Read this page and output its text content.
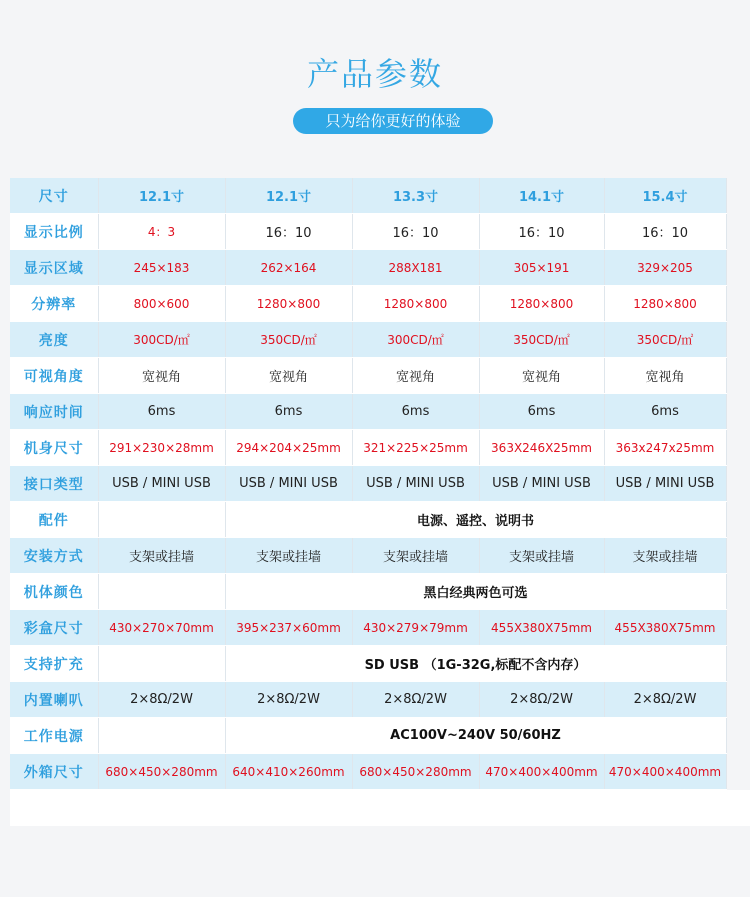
产品参数
只为给你更好的体验
尺寸	12.1寸	12.1寸	13.3寸	14.1寸	15.4寸
显示比例	4：3	16：10	16：10	16：10	16：10
显示区域	245×183	262×164	288X181	305×191	329×205
分辨率	800×600	1280×800	1280×800	1280×800	1280×800
亮度	300CD/㎡	350CD/㎡	300CD/㎡	350CD/㎡	350CD/㎡
可视角度	宽视角	宽视角	宽视角	宽视角	宽视角
响应时间	6ms	6ms	6ms	6ms	6ms
机身尺寸	291×230×28mm	294×204×25mm	321×225×25mm	363X246X25mm	363x247x25mm
接口类型	USB / MINI USB	USB / MINI USB	USB / MINI USB	USB / MINI USB	USB / MINI USB
配件		电源、遥控、说明书			
安装方式	支架或挂墙	支架或挂墙	支架或挂墙	支架或挂墙	支架或挂墙
机体颜色		黑白经典两色可选			
彩盒尺寸	430×270×70mm	395×237×60mm	430×279×79mm	455X380X75mm	455X380X75mm
支持扩充		SD USB （1G-32G,标配不含内存）			
内置喇叭	2×8Ω/2W	2×8Ω/2W	2×8Ω/2W	2×8Ω/2W	2×8Ω/2W
工作电源		AC100V~240V 50/60HZ			
外箱尺寸	680×450×280mm	640×410×260mm	680×450×280mm	470×400×400mm	470×400×400mm
